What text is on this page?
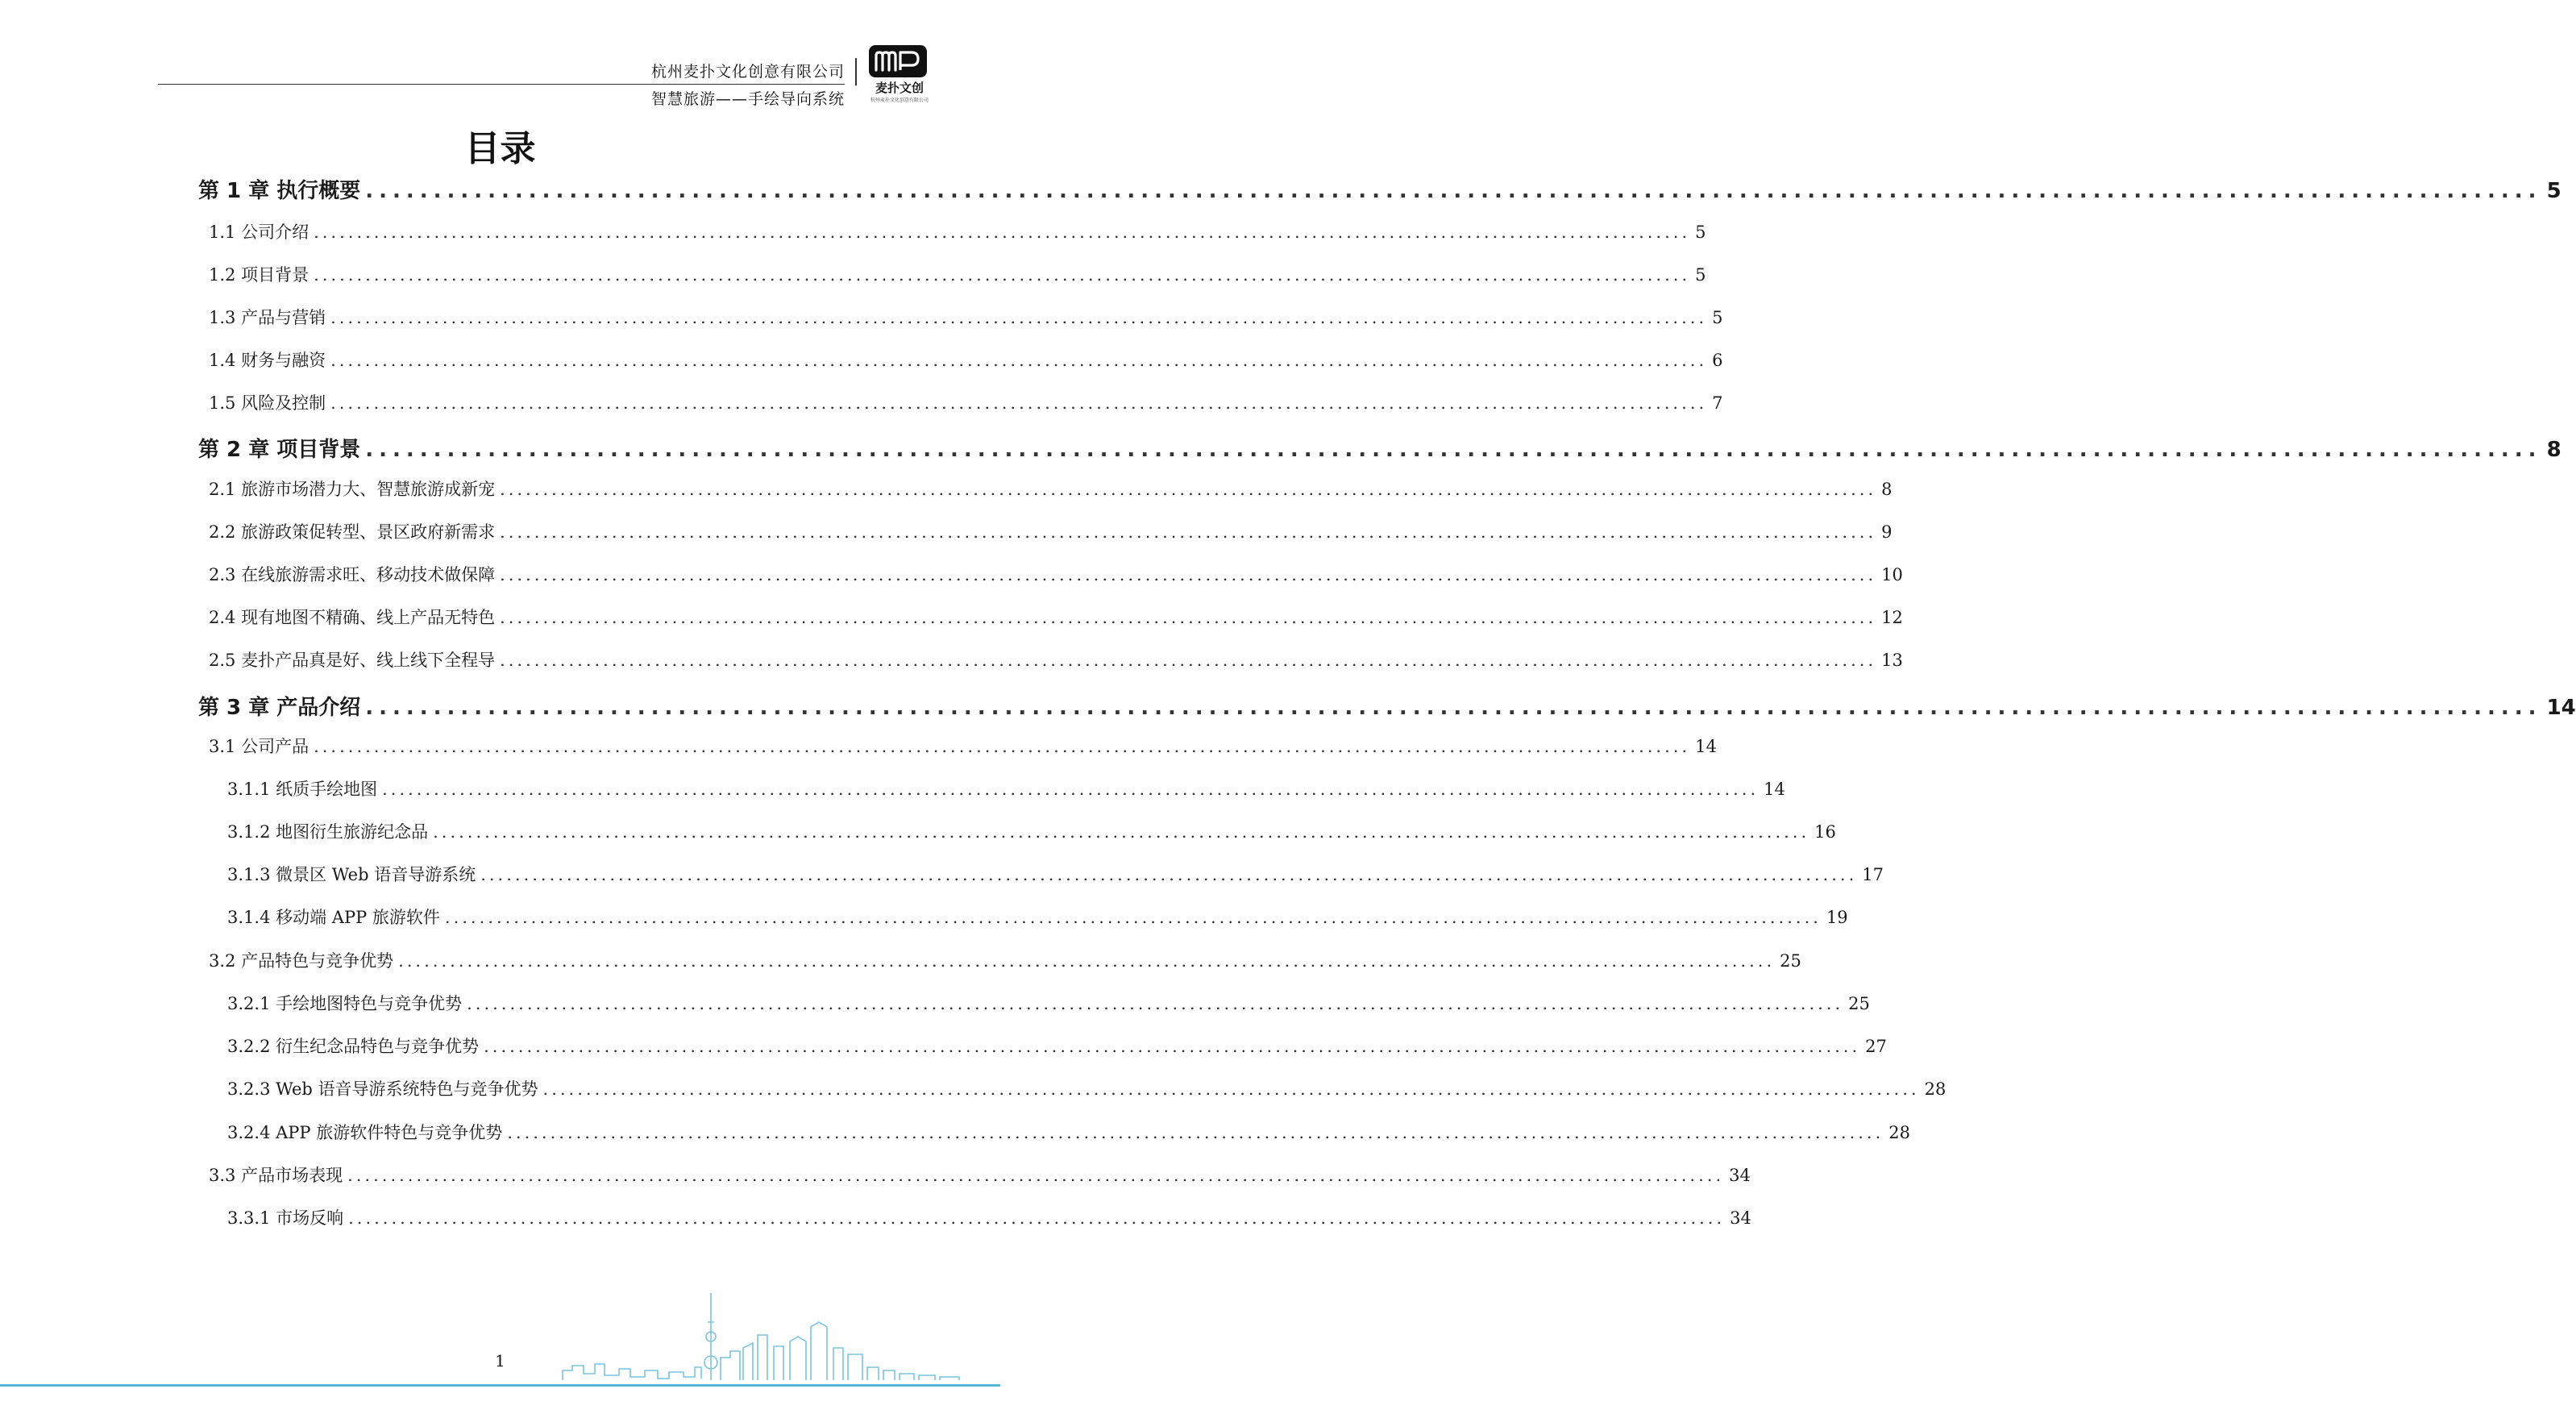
杭州麦扑文化创意有限公司
智慧旅游——手绘导向系统
麦扑文创
杭州麦扑文化创意有限公司
目录
第 1 章 执行概要 ................................................................................................................................................................ 5
1.1 公司介绍 ................................................................................................................................................................ 5
1.2 项目背景 ................................................................................................................................................................ 5
1.3 产品与营销 ................................................................................................................................................................ 5
1.4 财务与融资 ................................................................................................................................................................ 6
1.5 风险及控制 ................................................................................................................................................................ 7
第 2 章 项目背景 ................................................................................................................................................................ 8
2.1 旅游市场潜力大、智慧旅游成新宠 ................................................................................................................................................................ 8
2.2 旅游政策促转型、景区政府新需求 ................................................................................................................................................................ 9
2.3 在线旅游需求旺、移动技术做保障 ................................................................................................................................................................ 10
2.4 现有地图不精确、线上产品无特色 ................................................................................................................................................................ 12
2.5 麦扑产品真是好、线上线下全程导 ................................................................................................................................................................ 13
第 3 章 产品介绍 ................................................................................................................................................................ 14
3.1 公司产品 ................................................................................................................................................................ 14
3.1.1 纸质手绘地图 ................................................................................................................................................................ 14
3.1.2 地图衍生旅游纪念品 ................................................................................................................................................................ 16
3.1.3 微景区 Web 语音导游系统 ................................................................................................................................................................ 17
3.1.4 移动端 APP 旅游软件 ................................................................................................................................................................ 19
3.2 产品特色与竞争优势 ................................................................................................................................................................ 25
3.2.1 手绘地图特色与竞争优势 ................................................................................................................................................................ 25
3.2.2 衍生纪念品特色与竞争优势 ................................................................................................................................................................ 27
3.2.3 Web 语音导游系统特色与竞争优势 ................................................................................................................................................................ 28
3.2.4 APP 旅游软件特色与竞争优势 ................................................................................................................................................................ 28
3.3 产品市场表现 ................................................................................................................................................................ 34
3.3.1 市场反响 ................................................................................................................................................................ 34
1
